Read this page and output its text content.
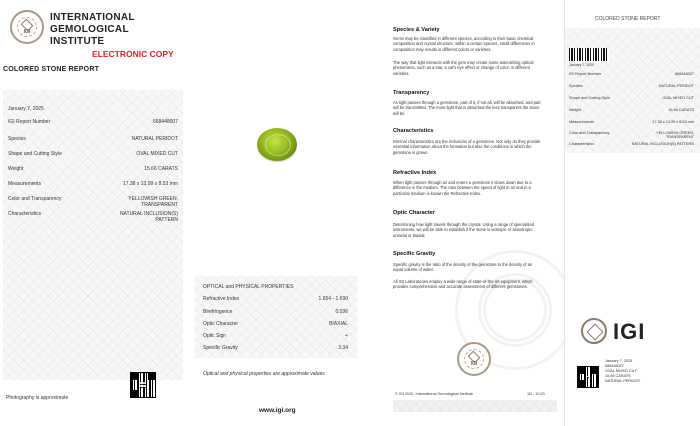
IGI
INTERNATIONAL
GEMOLOGICAL
INSTITUTE
ELECTRONIC COPY
COLORED STONE REPORT
January 7, 2025
IGI Report Number	668448007
Species	NATURAL PERIDOT
Shape and Cutting Style	OVAL MIXED CUT
Weight	15.66 CARATS
Measurements	17.38 x 13.99 x 8.53 mm
Color and Transparency	YELLOWISH GREEN,
TRANSPARENT
Characteristics	NATURAL INCLUSION(S)
PATTERN
Photography is approximate
OPTICAL and PHYSICAL PROPERTIES
Refractive Index	1.654 - 1.690
Birefringence	0.036
Optic Character	BIAXIAL
Optic Sign	+
Specific Gravity	3.34
Optical and physical properties are approximate values
www.igi.org
Species & Variety
Gems may be classified in different species, according to their basic chemical composition and crystal structure; within a certain species, small differences in composition may results in different colors or varieties.
The way that light interacts with the gem may create some astonishing optical phenomena, such as a star, a cat's eye effect or change of color, in different varieties.
Transparency
As light passes through a gemstone, part of it, if not all, will be absorbed, and part will be transmitted. The more light that is absorbed the less transparent the stone will be.
Characteristics
Internal characteristics are the inclusions of a gemstone. Not only do they provide essential information about the formation but also the conditions in which the gemstone is grown.
Refractive Index
When light passes through air and enters a gemstone it slows down due to a difference in the medium. The ratio between the speed of light in air and in a particular medium is known the Refractive Index.
Optic Character
Determining how light travels through the crystal. Using a range of specialized instruments, we will be able to establish if the stone is isotropic or anisotropic: uniaxial or biaxial.
Specific Gravity
Specific gravity is the ratio of the density of the gemstone to the density of an equal volume of water.
All IGI Laboratories employ a wide range of state-of-the-art equipment, which provides comprehensive and accurate assessment of different gemstones.
IGI
© IGI 2020, International Gemological Institute	1D - 10.20
COLORED STONE REPORT
January 7, 2025
IGI Report Number	668448007
Species	NATURAL PERIDOT
Shape and Cutting Style	OVAL MIXED CUT
Weight	15.66 CARATS
Measurements	17.38 x 13.99 x 8.53 mm
Color and Transparency	YELLOWISH GREEN,
TRANSPARENT
Characteristics	NATURAL INCLUSION(S) PATTERN
IGI
January 7, 2025
668448007
OVAL MIXED CUT
15.66 CARATS
NATURAL PERIDOT
